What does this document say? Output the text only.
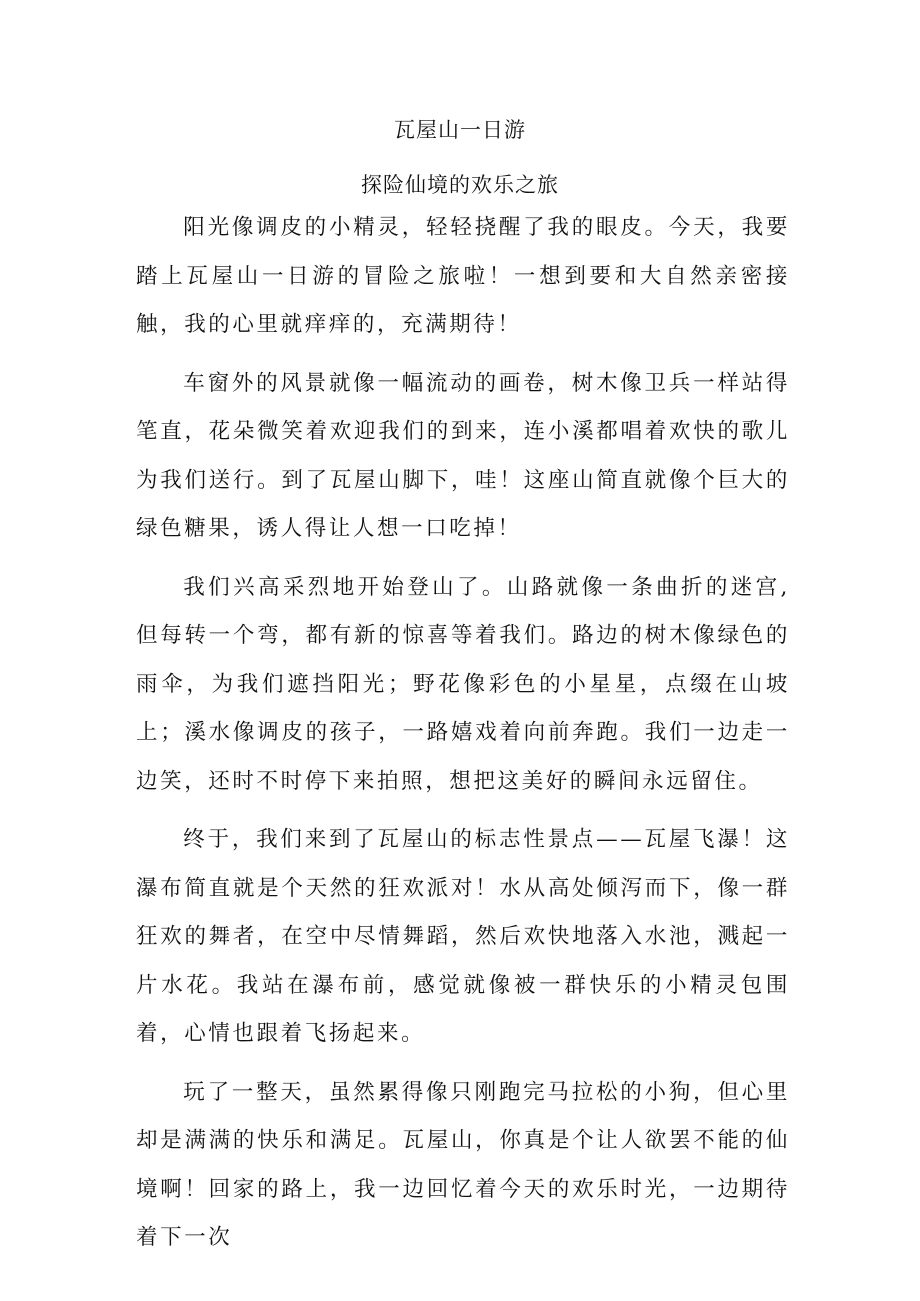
瓦屋山一日游
探险仙境的欢乐之旅

阳光像调皮的小精灵，轻轻挠醒了我的眼皮。今天，我要踏上瓦屋山一日游的冒险之旅啦！一想到要和大自然亲密接触，我的心里就痒痒的，充满期待！

车窗外的风景就像一幅流动的画卷，树木像卫兵一样站得笔直，花朵微笑着欢迎我们的到来，连小溪都唱着欢快的歌儿为我们送行。到了瓦屋山脚下，哇！这座山简直就像个巨大的绿色糖果，诱人得让人想一口吃掉！

我们兴高采烈地开始登山了。山路就像一条曲折的迷宫,但每转一个弯，都有新的惊喜等着我们。路边的树木像绿色的雨伞，为我们遮挡阳光；野花像彩色的小星星，点缀在山坡上；溪水像调皮的孩子，一路嬉戏着向前奔跑。我们一边走一边笑，还时不时停下来拍照，想把这美好的瞬间永远留住。

终于，我们来到了瓦屋山的标志性景点——瓦屋飞瀑！这瀑布简直就是个天然的狂欢派对！水从高处倾泻而下，像一群狂欢的舞者，在空中尽情舞蹈，然后欢快地落入水池，溅起一片水花。我站在瀑布前，感觉就像被一群快乐的小精灵包围着，心情也跟着飞扬起来。

玩了一整天，虽然累得像只刚跑完马拉松的小狗，但心里却是满满的快乐和满足。瓦屋山，你真是个让人欲罢不能的仙境啊！回家的路上，我一边回忆着今天的欢乐时光，一边期待着下一次
